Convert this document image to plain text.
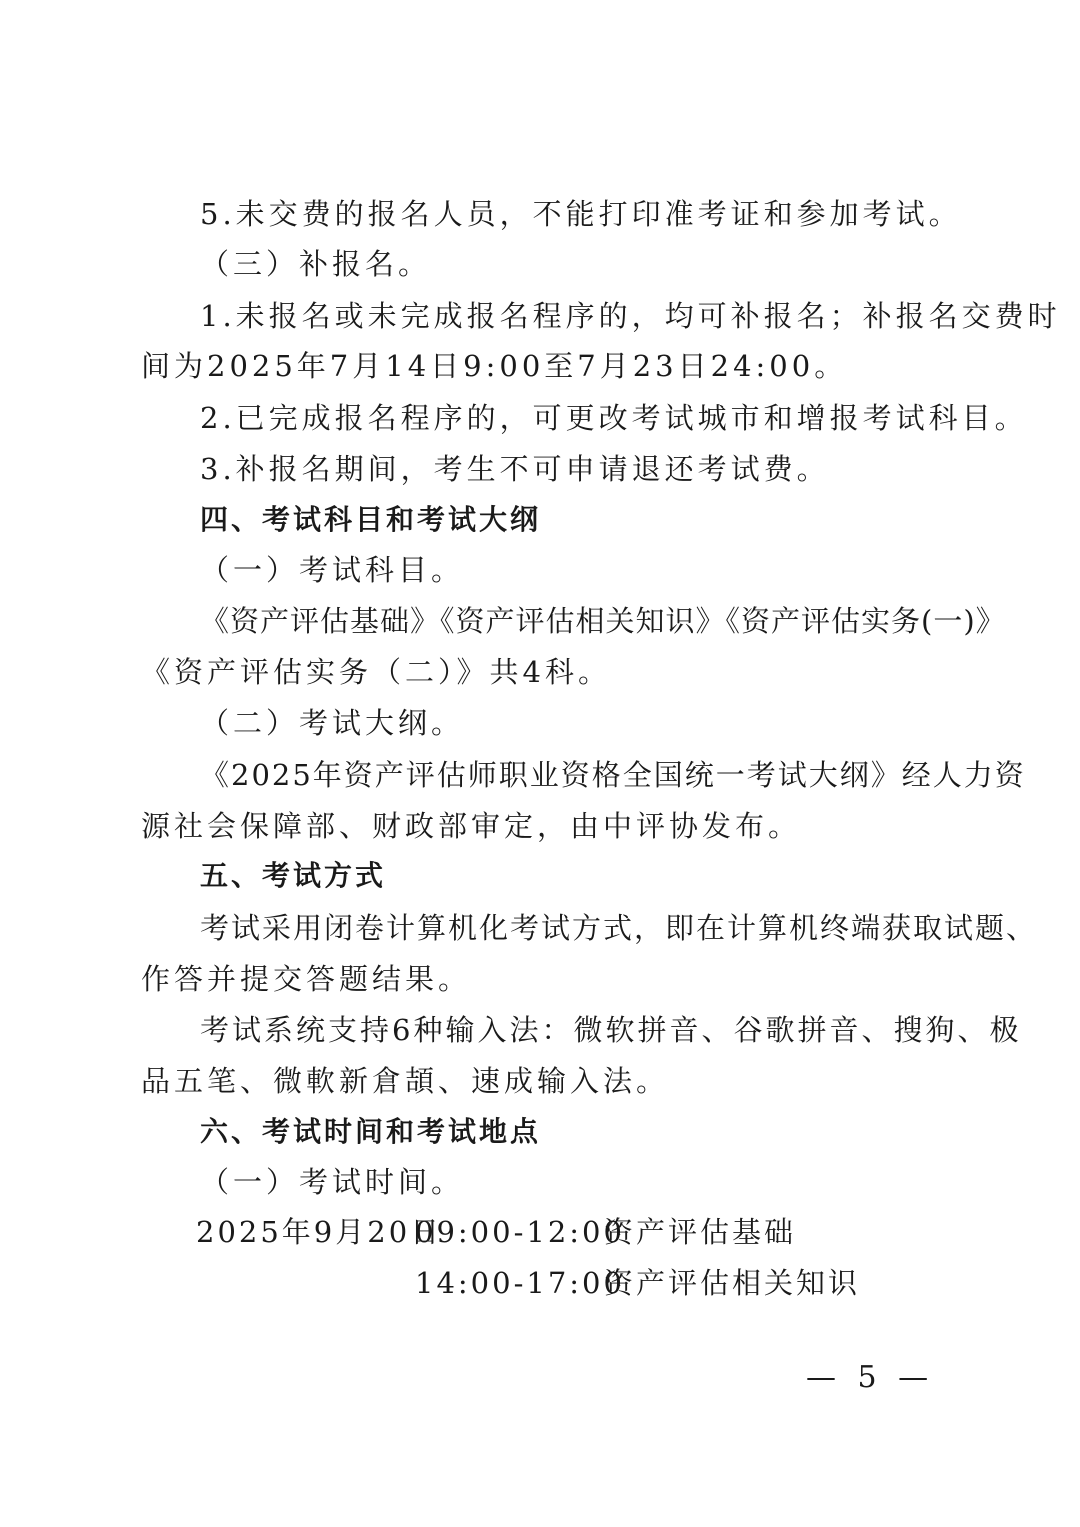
5.未交费的报名人员，不能打印准考证和参加考试。
（三）补报名。
1.未报名或未完成报名程序的，均可补报名；补报名交费时
间为2025年7月14日9:00至7月23日24:00。
2.已完成报名程序的，可更改考试城市和增报考试科目。
3.补报名期间，考生不可申请退还考试费。
四、考试科目和考试大纲
（一）考试科目。
《资产评估基础》《资产评估相关知识》《资产评估实务(一)》
《资产评估实务（二）》共4科。
（二）考试大纲。
《2025年资产评估师职业资格全国统一考试大纲》经人力资
源社会保障部、财政部审定，由中评协发布。
五、考试方式
考试采用闭卷计算机化考试方式，即在计算机终端获取试题、
作答并提交答题结果。
考试系统支持6种输入法：微软拼音、谷歌拼音、搜狗、极
品五笔、微軟新倉頡、速成输入法。
六、考试时间和考试地点
（一）考试时间。
2025年9月20日
09:00-12:00
资产评估基础
14:00-17:00
资产评估相关知识
— 5 —
